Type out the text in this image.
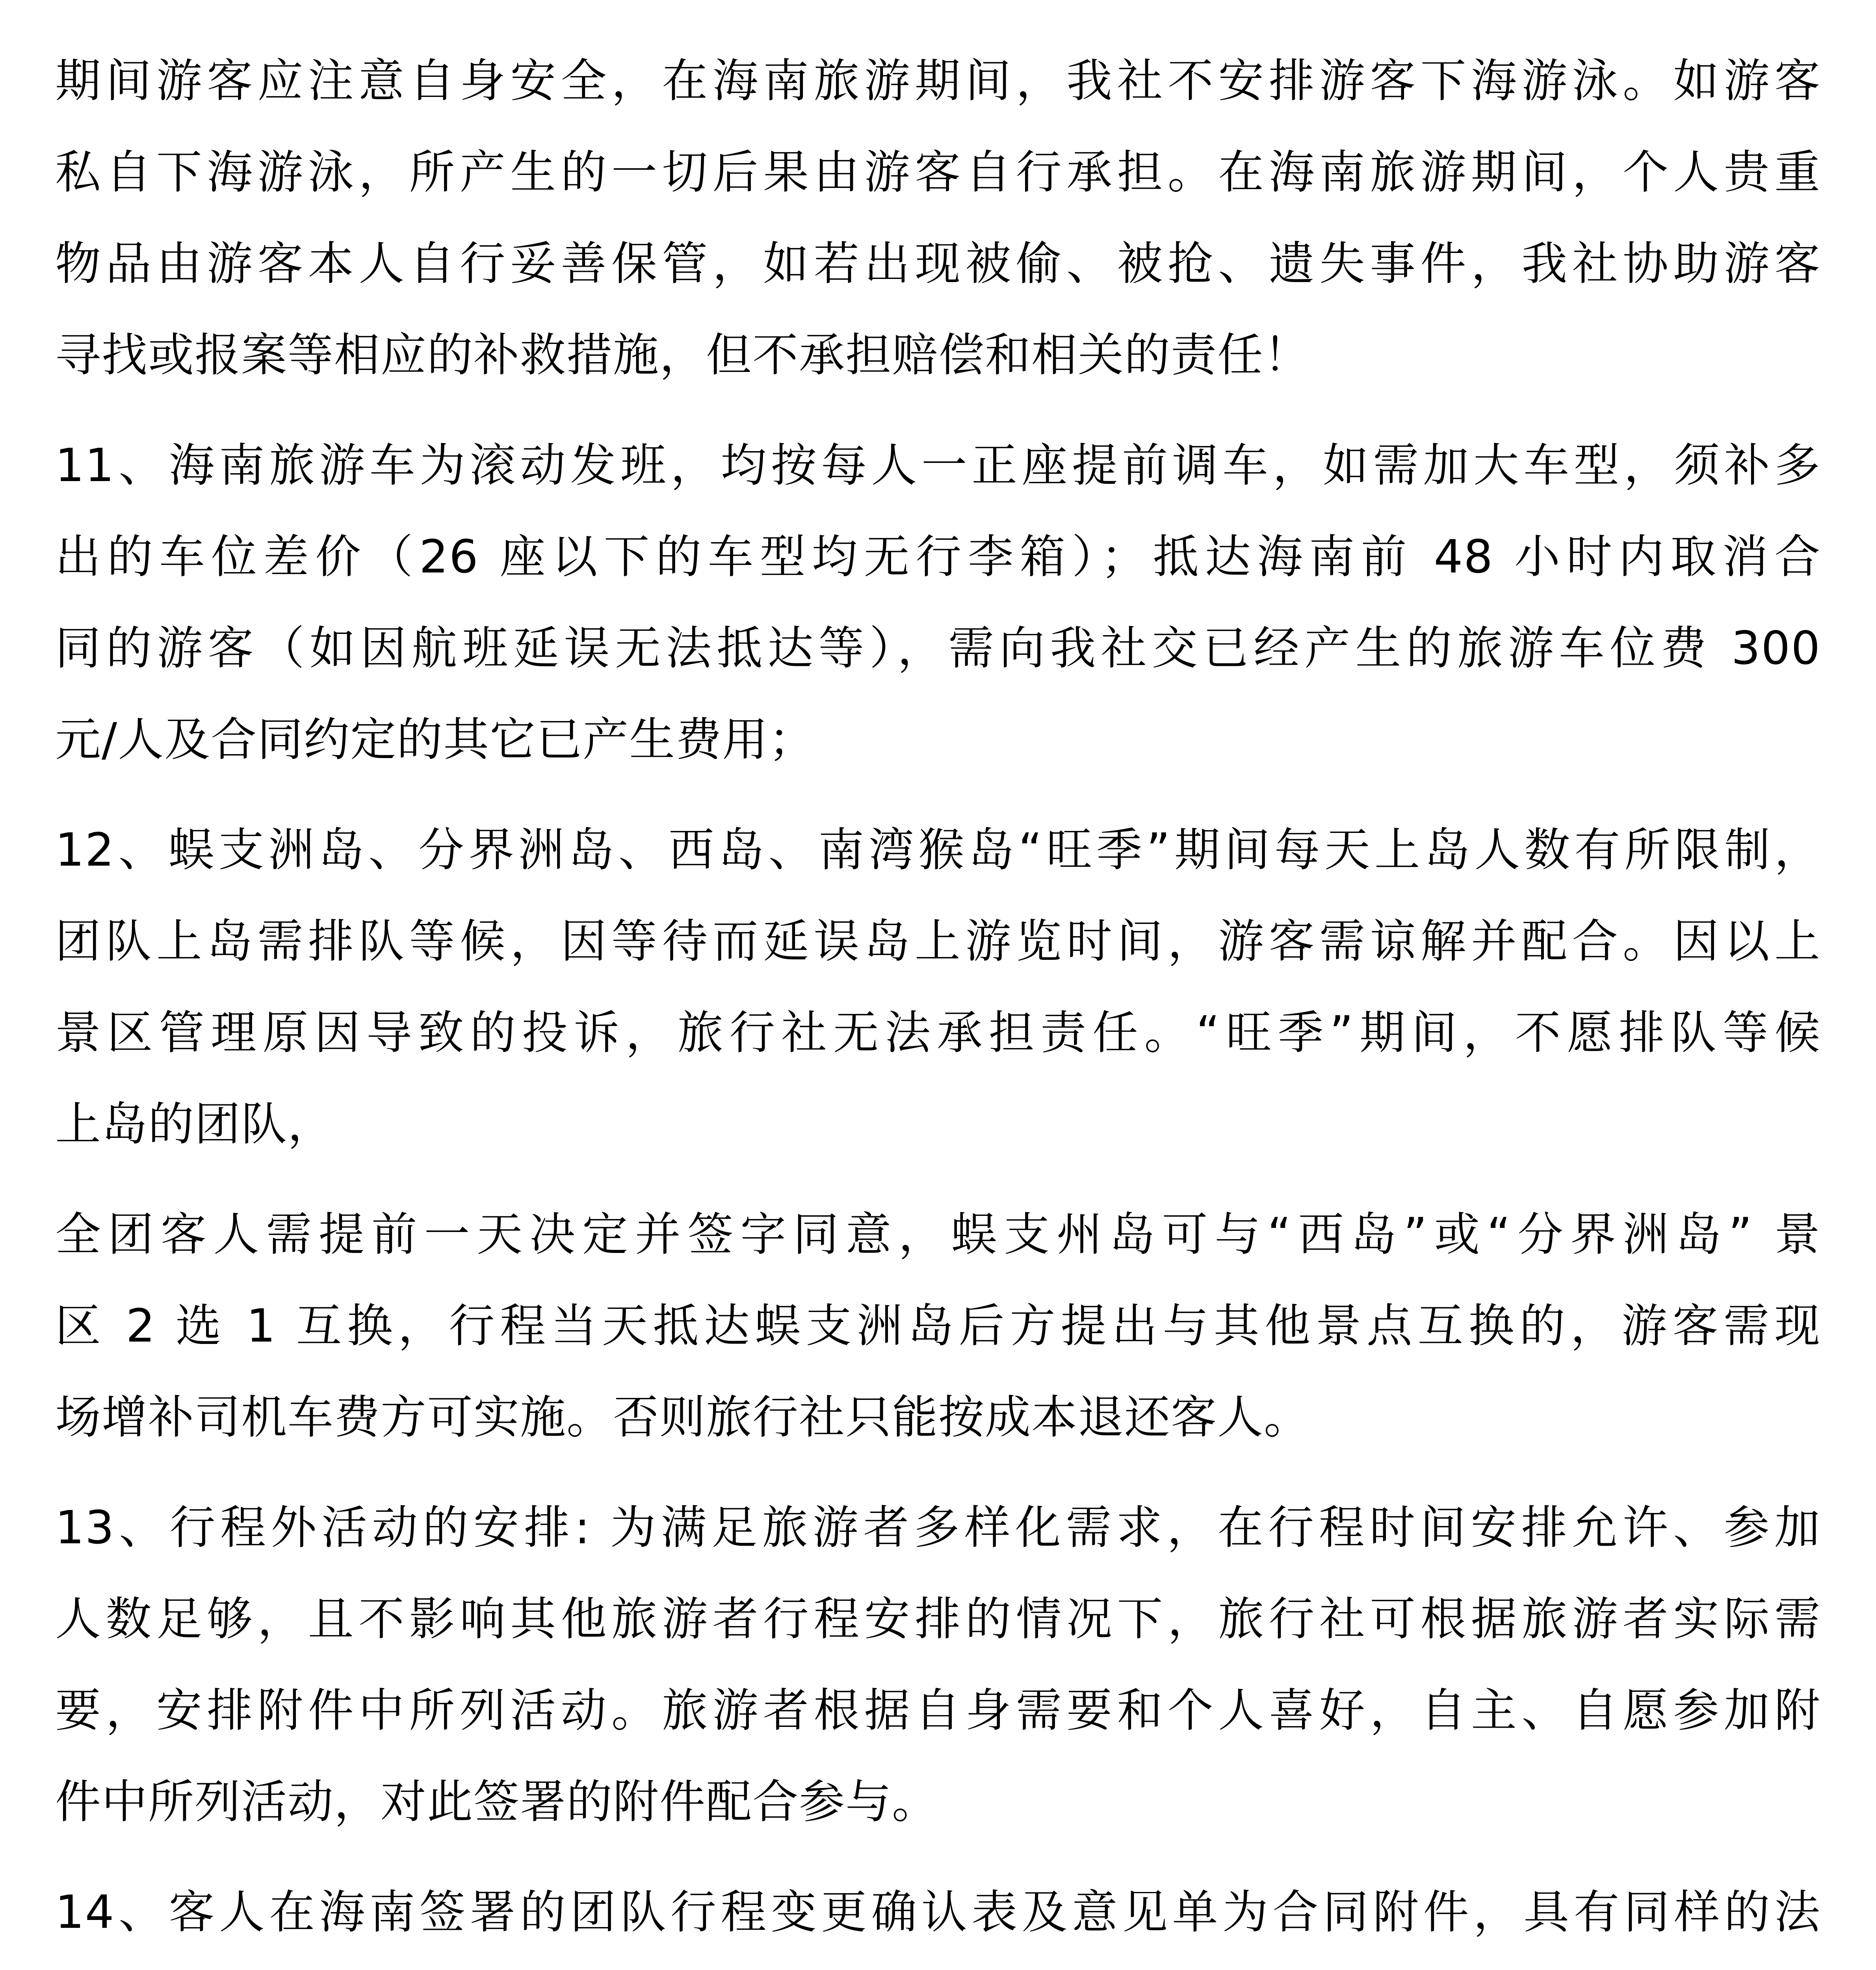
期间游客应注意自身安全，在海南旅游期间，我社不安排游客下海游泳。如游客
私自下海游泳，所产生的一切后果由游客自行承担。在海南旅游期间，个人贵重
物品由游客本人自行妥善保管，如若出现被偷、被抢、遗失事件，我社协助游客
寻找或报案等相应的补救措施，但不承担赔偿和相关的责任！

11、海南旅游车为滚动发班，均按每人一正座提前调车，如需加大车型，须补多
出的车位差价（26 座以下的车型均无行李箱）；抵达海南前 48 小时内取消合
同的游客（如因航班延误无法抵达等），需向我社交已经产生的旅游车位费 300
元/人及合同约定的其它已产生费用；

12、蜈支洲岛、分界洲岛、西岛、南湾猴岛“旺季”期间每天上岛人数有所限制，
团队上岛需排队等候，因等待而延误岛上游览时间，游客需谅解并配合。因以上
景区管理原因导致的投诉，旅行社无法承担责任。“旺季”期间，不愿排队等候
上岛的团队，

全团客人需提前一天决定并签字同意，蜈支州岛可与“西岛”或“分界洲岛” 景
区 2 选 1 互换，行程当天抵达蜈支洲岛后方提出与其他景点互换的，游客需现
场增补司机车费方可实施。否则旅行社只能按成本退还客人。

13、行程外活动的安排: 为满足旅游者多样化需求，在行程时间安排允许、参加
人数足够，且不影响其他旅游者行程安排的情况下，旅行社可根据旅游者实际需
要，安排附件中所列活动。旅游者根据自身需要和个人喜好，自主、自愿参加附
件中所列活动，对此签署的附件配合参与。

14、客人在海南签署的团队行程变更确认表及意见单为合同附件，具有同样的法
